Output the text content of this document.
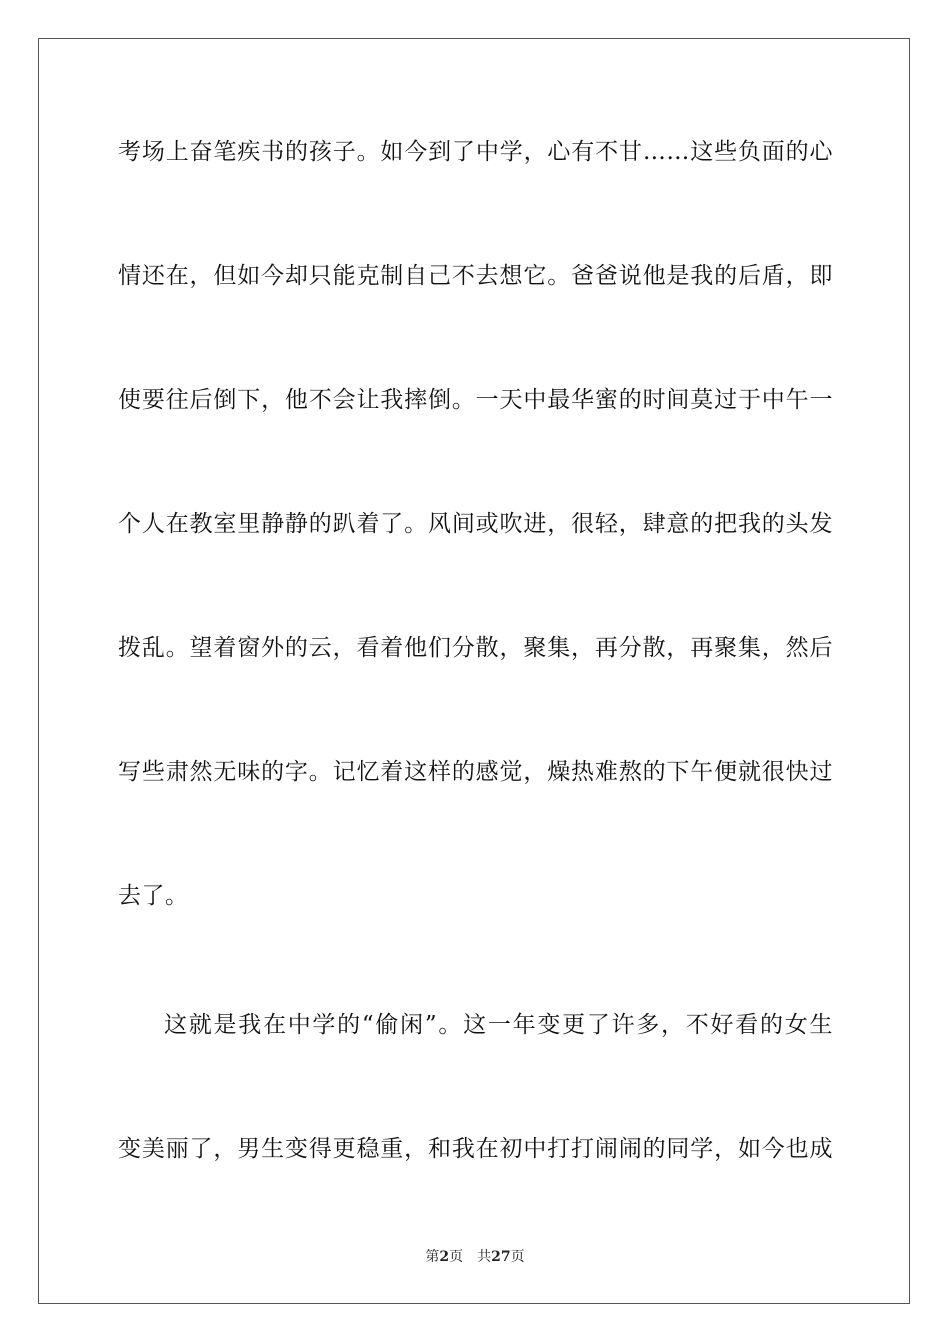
考场上奋笔疾书的孩子。如今到了中学，心有不甘……这些负面的心
情还在，但如今却只能克制自己不去想它。爸爸说他是我的后盾，即
使要往后倒下，他不会让我摔倒。一天中最华蜜的时间莫过于中午一
个人在教室里静静的趴着了。风间或吹进，很轻，肆意的把我的头发
拨乱。望着窗外的云，看着他们分散，聚集，再分散，再聚集，然后
写些肃然无味的字。记忆着这样的感觉，燥热难熬的下午便就很快过
去了。
这就是我在中学的“偷闲”。这一年变更了许多，不好看的女生
变美丽了，男生变得更稳重，和我在初中打打闹闹的同学，如今也成
第2页 共27页
